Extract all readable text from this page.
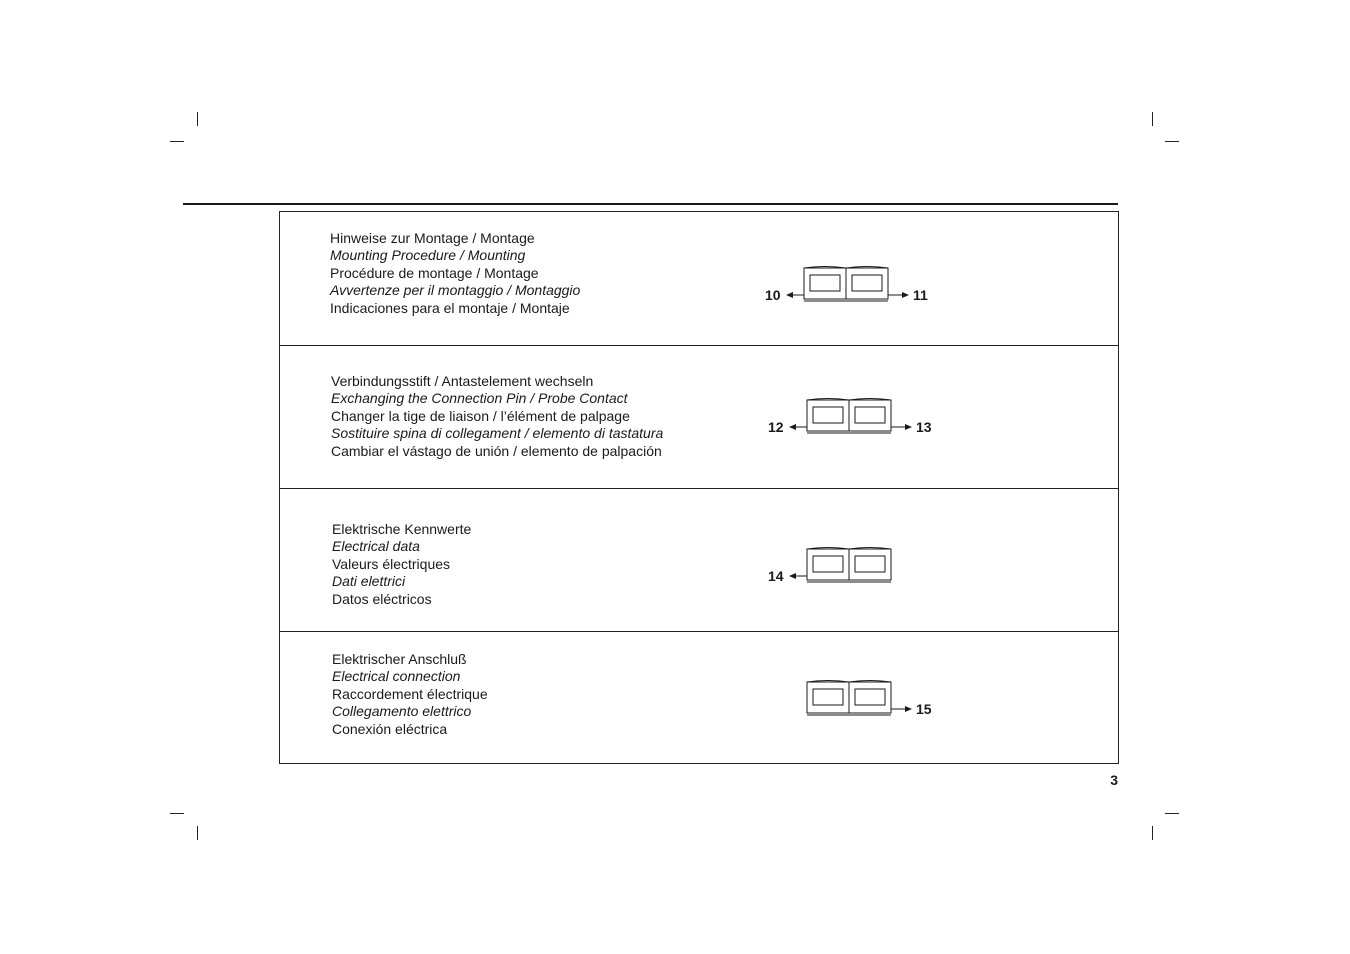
Hinweise zur Montage / Montage
Mounting Procedure / Mounting
Procédure de montage / Montage
Avvertenze per il montaggio / Montaggio
Indicaciones para el montaje / Montaje
10	11
Verbindungsstift / Antastelement wechseln
Exchanging the Connection Pin / Probe Contact
Changer la tige de liaison / l’élément de palpage
Sostituire spina di collegament / elemento di tastatura
Cambiar el vástago de unión / elemento de palpación
12	13
Elektrische Kennwerte
Electrical data
Valeurs électriques
Dati elettrici
Datos eléctricos
14
Elektrischer Anschluß
Electrical connection
Raccordement électrique
Collegamento elettrico
Conexión eléctrica
15
3
